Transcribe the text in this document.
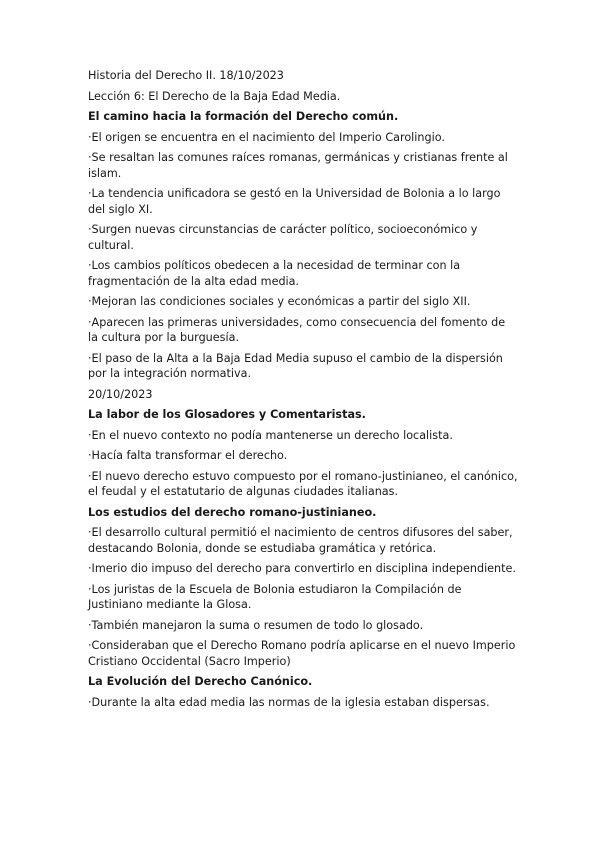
Historia del Derecho II. 18/10/2023

Lección 6: El Derecho de la Baja Edad Media.

El camino hacia la formación del Derecho común.

·El origen se encuentra en el nacimiento del Imperio Carolingio.

·Se resaltan las comunes raíces romanas, germánicas y cristianas frente al islam.

·La tendencia unificadora se gestó en la Universidad de Bolonia a lo largo del siglo XI.

·Surgen nuevas circunstancias de carácter político, socioeconómico y cultural.

·Los cambios políticos obedecen a la necesidad de terminar con la fragmentación de la alta edad media.

·Mejoran las condiciones sociales y económicas a partir del siglo XII.

·Aparecen las primeras universidades, como consecuencia del fomento de la cultura por la burguesía.

·El paso de la Alta a la Baja Edad Media supuso el cambio de la dispersión por la integración normativa.

20/10/2023

La labor de los Glosadores y Comentaristas.

·En el nuevo contexto no podía mantenerse un derecho localista.

·Hacía falta transformar el derecho.

·El nuevo derecho estuvo compuesto por el romano-justinianeo, el canónico, el feudal y el estatutario de algunas ciudades italianas.

Los estudios del derecho romano-justinianeo.

·El desarrollo cultural permitió el nacimiento de centros difusores del saber, destacando Bolonia, donde se estudiaba gramática y retórica.

·Imerio dio impuso del derecho para convertirlo en disciplina independiente.

·Los juristas de la Escuela de Bolonia estudiaron la Compilación de Justiniano mediante la Glosa.

·También manejaron la suma o resumen de todo lo glosado.

·Consideraban que el Derecho Romano podría aplicarse en el nuevo Imperio Cristiano Occidental (Sacro Imperio)

La Evolución del Derecho Canónico.

·Durante la alta edad media las normas de la iglesia estaban dispersas.
